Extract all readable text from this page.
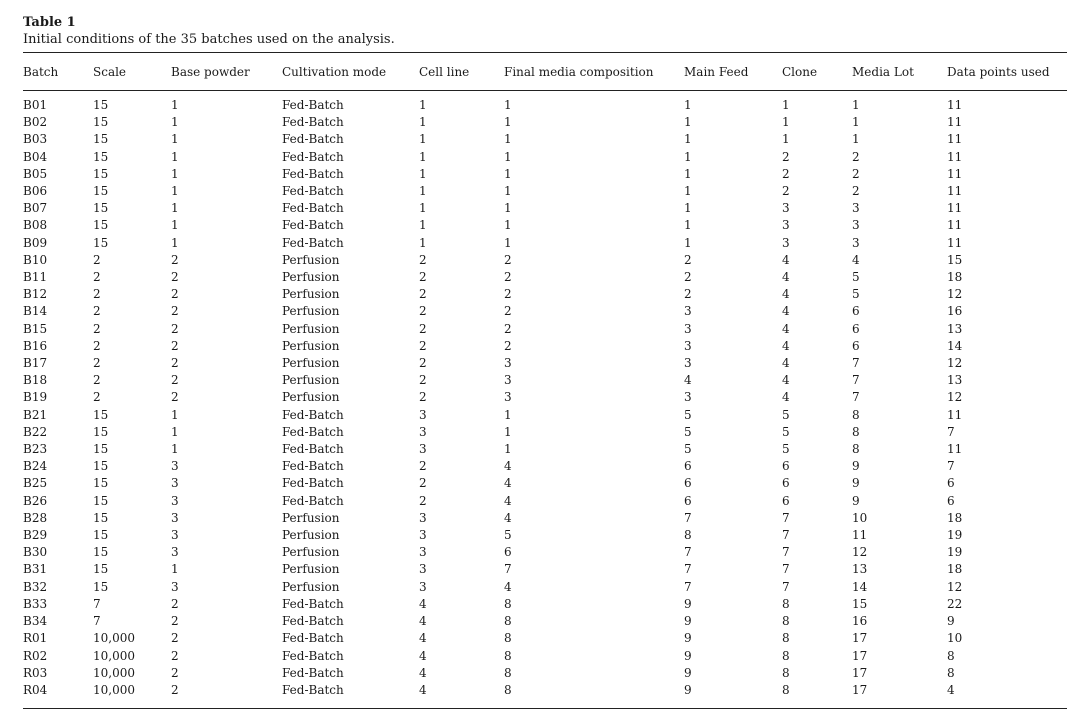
Table 1
Initial conditions of the 35 batches used on the analysis.
Batch	Scale	Base powder	Cultivation mode	Cell line	Final media composition	Main Feed	Clone	Media Lot	Data points used
B01	15	1	Fed-Batch	1	1	1	1	1	11
B02	15	1	Fed-Batch	1	1	1	1	1	11
B03	15	1	Fed-Batch	1	1	1	1	1	11
B04	15	1	Fed-Batch	1	1	1	2	2	11
B05	15	1	Fed-Batch	1	1	1	2	2	11
B06	15	1	Fed-Batch	1	1	1	2	2	11
B07	15	1	Fed-Batch	1	1	1	3	3	11
B08	15	1	Fed-Batch	1	1	1	3	3	11
B09	15	1	Fed-Batch	1	1	1	3	3	11
B10	2	2	Perfusion	2	2	2	4	4	15
B11	2	2	Perfusion	2	2	2	4	5	18
B12	2	2	Perfusion	2	2	2	4	5	12
B14	2	2	Perfusion	2	2	3	4	6	16
B15	2	2	Perfusion	2	2	3	4	6	13
B16	2	2	Perfusion	2	2	3	4	6	14
B17	2	2	Perfusion	2	3	3	4	7	12
B18	2	2	Perfusion	2	3	4	4	7	13
B19	2	2	Perfusion	2	3	3	4	7	12
B21	15	1	Fed-Batch	3	1	5	5	8	11
B22	15	1	Fed-Batch	3	1	5	5	8	7
B23	15	1	Fed-Batch	3	1	5	5	8	11
B24	15	3	Fed-Batch	2	4	6	6	9	7
B25	15	3	Fed-Batch	2	4	6	6	9	6
B26	15	3	Fed-Batch	2	4	6	6	9	6
B28	15	3	Perfusion	3	4	7	7	10	18
B29	15	3	Perfusion	3	5	8	7	11	19
B30	15	3	Perfusion	3	6	7	7	12	19
B31	15	1	Perfusion	3	7	7	7	13	18
B32	15	3	Perfusion	3	4	7	7	14	12
B33	7	2	Fed-Batch	4	8	9	8	15	22
B34	7	2	Fed-Batch	4	8	9	8	16	9
R01	10,000	2	Fed-Batch	4	8	9	8	17	10
R02	10,000	2	Fed-Batch	4	8	9	8	17	8
R03	10,000	2	Fed-Batch	4	8	9	8	17	8
R04	10,000	2	Fed-Batch	4	8	9	8	17	4
